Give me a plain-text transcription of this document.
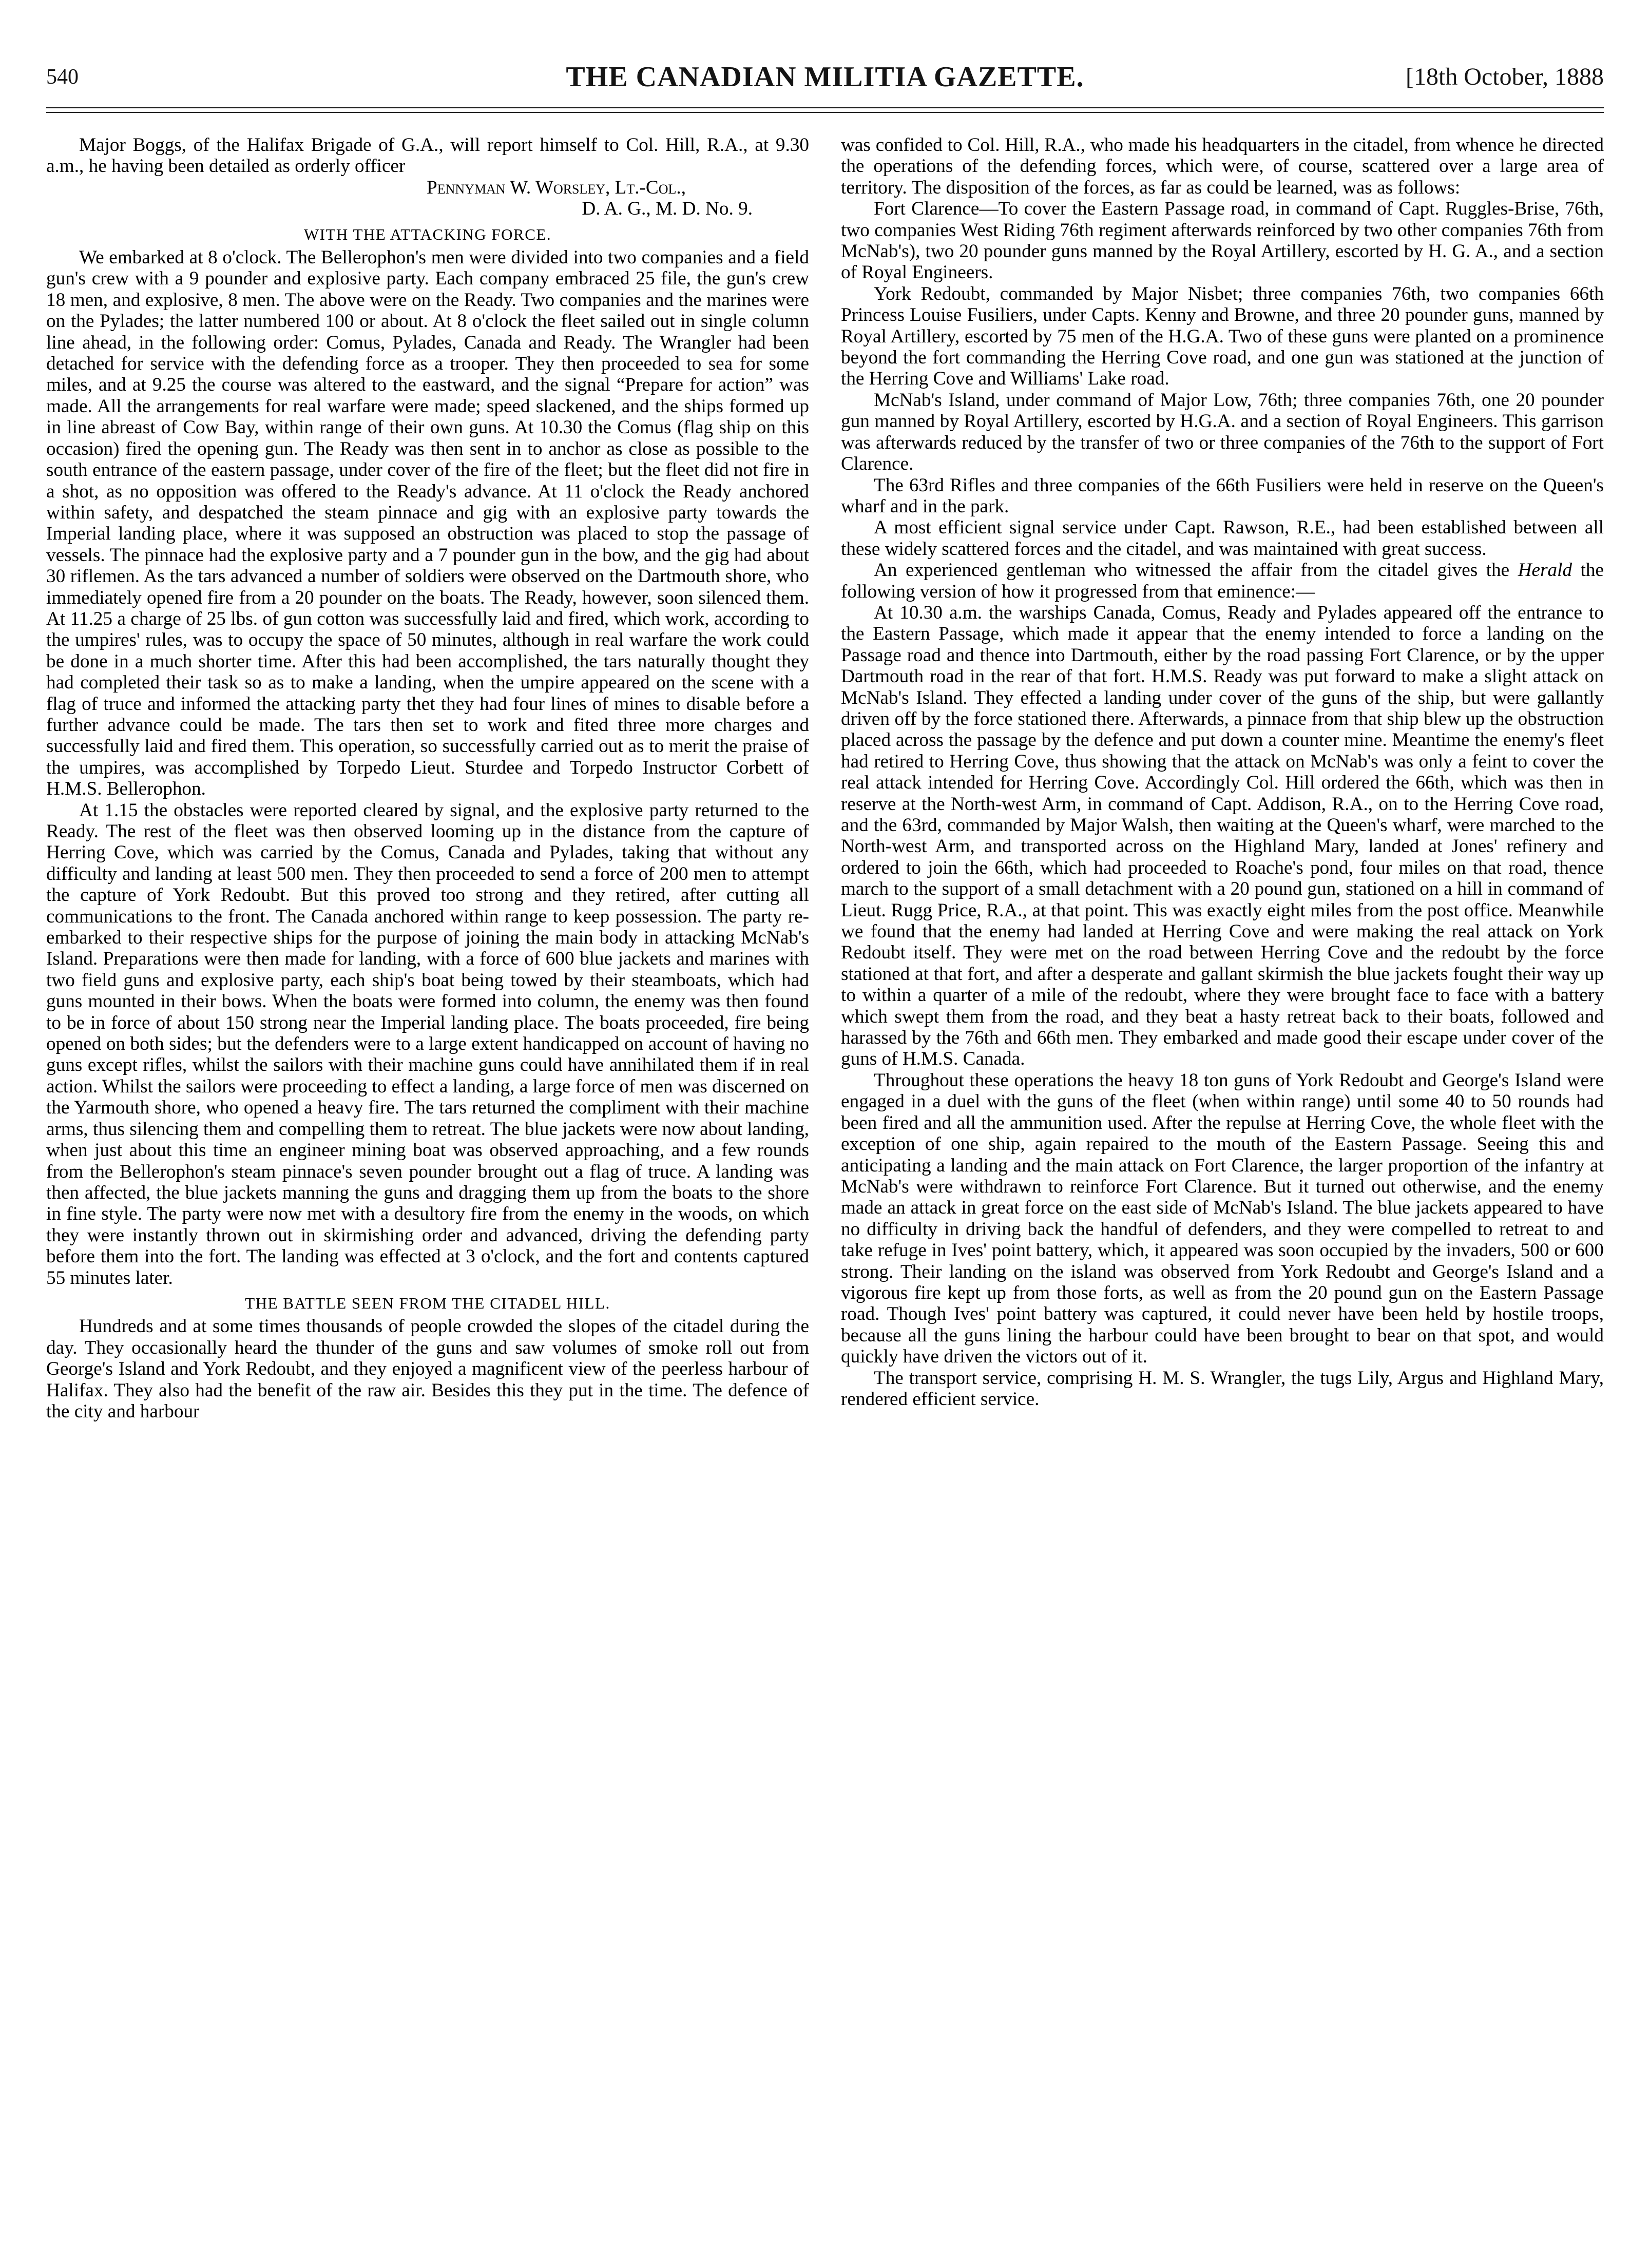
540	THE CANADIAN MILITIA GAZETTE.	[18th October, 1888

Major Boggs, of the Halifax Brigade of G.A., will report himself to Col. Hill, R.A., at 9.30 a.m., he having been detailed as orderly officer

Pennyman W. Worsley, Lt.-Col.,
D. A. G., M. D. No. 9.
WITH THE ATTACKING FORCE.

We embarked at 8 o'clock. The Bellerophon's men were divided into two companies and a field gun's crew with a 9 pounder and explosive party. Each company embraced 25 file, the gun's crew 18 men, and explosive, 8 men. The above were on the Ready. Two companies and the marines were on the Pylades; the latter numbered 100 or about. At 8 o'clock the fleet sailed out in single column line ahead, in the following order: Comus, Pylades, Canada and Ready. The Wrangler had been detached for service with the defending force as a trooper. They then proceeded to sea for some miles, and at 9.25 the course was altered to the eastward, and the signal “Prepare for action” was made. All the arrangements for real warfare were made; speed slackened, and the ships formed up in line abreast of Cow Bay, within range of their own guns. At 10.30 the Comus (flag ship on this occasion) fired the opening gun. The Ready was then sent in to anchor as close as possible to the south entrance of the eastern passage, under cover of the fire of the fleet; but the fleet did not fire in a shot, as no opposition was offered to the Ready's advance. At 11 o'clock the Ready anchored within safety, and despatched the steam pinnace and gig with an explosive party towards the Imperial landing place, where it was supposed an obstruction was placed to stop the passage of vessels. The pinnace had the explosive party and a 7 pounder gun in the bow, and the gig had about 30 riflemen. As the tars advanced a number of soldiers were observed on the Dartmouth shore, who immediately opened fire from a 20 pounder on the boats. The Ready, however, soon silenced them. At 11.25 a charge of 25 lbs. of gun cotton was successfully laid and fired, which work, according to the umpires' rules, was to occupy the space of 50 minutes, although in real warfare the work could be done in a much shorter time. After this had been accomplished, the tars naturally thought they had completed their task so as to make a landing, when the umpire appeared on the scene with a flag of truce and informed the attacking party thet they had four lines of mines to disable before a further advance could be made. The tars then set to work and fited three more charges and successfully laid and fired them. This operation, so successfully carried out as to merit the praise of the umpires, was accomplished by Torpedo Lieut. Sturdee and Torpedo Instructor Corbett of H.M.S. Bellerophon.

At 1.15 the obstacles were reported cleared by signal, and the explosive party returned to the Ready. The rest of the fleet was then observed looming up in the distance from the capture of Herring Cove, which was carried by the Comus, Canada and Pylades, taking that without any difficulty and landing at least 500 men. They then proceeded to send a force of 200 men to attempt the capture of York Redoubt. But this proved too strong and they retired, after cutting all communications to the front. The Canada anchored within range to keep possession. The party re-embarked to their respective ships for the purpose of joining the main body in attacking McNab's Island. Preparations were then made for landing, with a force of 600 blue jackets and marines with two field guns and explosive party, each ship's boat being towed by their steamboats, which had guns mounted in their bows. When the boats were formed into column, the enemy was then found to be in force of about 150 strong near the Imperial landing place. The boats proceeded, fire being opened on both sides; but the defenders were to a large extent handicapped on account of having no guns except rifles, whilst the sailors with their machine guns could have annihilated them if in real action. Whilst the sailors were proceeding to effect a landing, a large force of men was discerned on the Yarmouth shore, who opened a heavy fire. The tars returned the compliment with their machine arms, thus silencing them and compelling them to retreat. The blue jackets were now about landing, when just about this time an engineer mining boat was observed approaching, and a few rounds from the Bellerophon's steam pinnace's seven pounder brought out a flag of truce. A landing was then affected, the blue jackets manning the guns and dragging them up from the boats to the shore in fine style. The party were now met with a desultory fire from the enemy in the woods, on which they were instantly thrown out in skirmishing order and advanced, driving the defending party before them into the fort. The landing was effected at 3 o'clock, and the fort and contents captured 55 minutes later.

THE BATTLE SEEN FROM THE CITADEL HILL.

Hundreds and at some times thousands of people crowded the slopes of the citadel during the day. They occasionally heard the thunder of the guns and saw volumes of smoke roll out from George's Island and York Redoubt, and they enjoyed a magnificent view of the peerless harbour of Halifax. They also had the benefit of the raw air. Besides this they put in the time. The defence of the city and harbour

was confided to Col. Hill, R.A., who made his headquarters in the citadel, from whence he directed the operations of the defending forces, which were, of course, scattered over a large area of territory. The disposition of the forces, as far as could be learned, was as follows:

Fort Clarence—To cover the Eastern Passage road, in command of Capt. Ruggles-Brise, 76th, two companies West Riding 76th regiment afterwards reinforced by two other companies 76th from McNab's), two 20 pounder guns manned by the Royal Artillery, escorted by H. G. A., and a section of Royal Engineers.

York Redoubt, commanded by Major Nisbet; three companies 76th, two companies 66th Princess Louise Fusiliers, under Capts. Kenny and Browne, and three 20 pounder guns, manned by Royal Artillery, escorted by 75 men of the H.G.A. Two of these guns were planted on a prominence beyond the fort commanding the Herring Cove road, and one gun was stationed at the junction of the Herring Cove and Williams' Lake road.

McNab's Island, under command of Major Low, 76th; three companies 76th, one 20 pounder gun manned by Royal Artillery, escorted by H.G.A. and a section of Royal Engineers. This garrison was afterwards reduced by the transfer of two or three companies of the 76th to the support of Fort Clarence.

The 63rd Rifles and three companies of the 66th Fusiliers were held in reserve on the Queen's wharf and in the park.

A most efficient signal service under Capt. Rawson, R.E., had been established between all these widely scattered forces and the citadel, and was maintained with great success.

An experienced gentleman who witnessed the affair from the citadel gives the Herald the following version of how it progressed from that eminence:—

At 10.30 a.m. the warships Canada, Comus, Ready and Pylades appeared off the entrance to the Eastern Passage, which made it appear that the enemy intended to force a landing on the Passage road and thence into Dartmouth, either by the road passing Fort Clarence, or by the upper Dartmouth road in the rear of that fort. H.M.S. Ready was put forward to make a slight attack on McNab's Island. They effected a landing under cover of the guns of the ship, but were gallantly driven off by the force stationed there. Afterwards, a pinnace from that ship blew up the obstruction placed across the passage by the defence and put down a counter mine. Meantime the enemy's fleet had retired to Herring Cove, thus showing that the attack on McNab's was only a feint to cover the real attack intended for Herring Cove. Accordingly Col. Hill ordered the 66th, which was then in reserve at the North-west Arm, in command of Capt. Addison, R.A., on to the Herring Cove road, and the 63rd, commanded by Major Walsh, then waiting at the Queen's wharf, were marched to the North-west Arm, and transported across on the Highland Mary, landed at Jones' refinery and ordered to join the 66th, which had proceeded to Roache's pond, four miles on that road, thence march to the support of a small detachment with a 20 pound gun, stationed on a hill in command of Lieut. Rugg Price, R.A., at that point. This was exactly eight miles from the post office. Meanwhile we found that the enemy had landed at Herring Cove and were making the real attack on York Redoubt itself. They were met on the road between Herring Cove and the redoubt by the force stationed at that fort, and after a desperate and gallant skirmish the blue jackets fought their way up to within a quarter of a mile of the redoubt, where they were brought face to face with a battery which swept them from the road, and they beat a hasty retreat back to their boats, followed and harassed by the 76th and 66th men. They embarked and made good their escape under cover of the guns of H.M.S. Canada.

Throughout these operations the heavy 18 ton guns of York Redoubt and George's Island were engaged in a duel with the guns of the fleet (when within range) until some 40 to 50 rounds had been fired and all the ammunition used. After the repulse at Herring Cove, the whole fleet with the exception of one ship, again repaired to the mouth of the Eastern Passage. Seeing this and anticipating a landing and the main attack on Fort Clarence, the larger proportion of the infantry at McNab's were withdrawn to reinforce Fort Clarence. But it turned out otherwise, and the enemy made an attack in great force on the east side of McNab's Island. The blue jackets appeared to have no difficulty in driving back the handful of defenders, and they were compelled to retreat to and take refuge in Ives' point battery, which, it appeared was soon occupied by the invaders, 500 or 600 strong. Their landing on the island was observed from York Redoubt and George's Island and a vigorous fire kept up from those forts, as well as from the 20 pound gun on the Eastern Passage road. Though Ives' point battery was captured, it could never have been held by hostile troops, because all the guns lining the harbour could have been brought to bear on that spot, and would quickly have driven the victors out of it.

The transport service, comprising H. M. S. Wrangler, the tugs Lily, Argus and Highland Mary, rendered efficient service.
